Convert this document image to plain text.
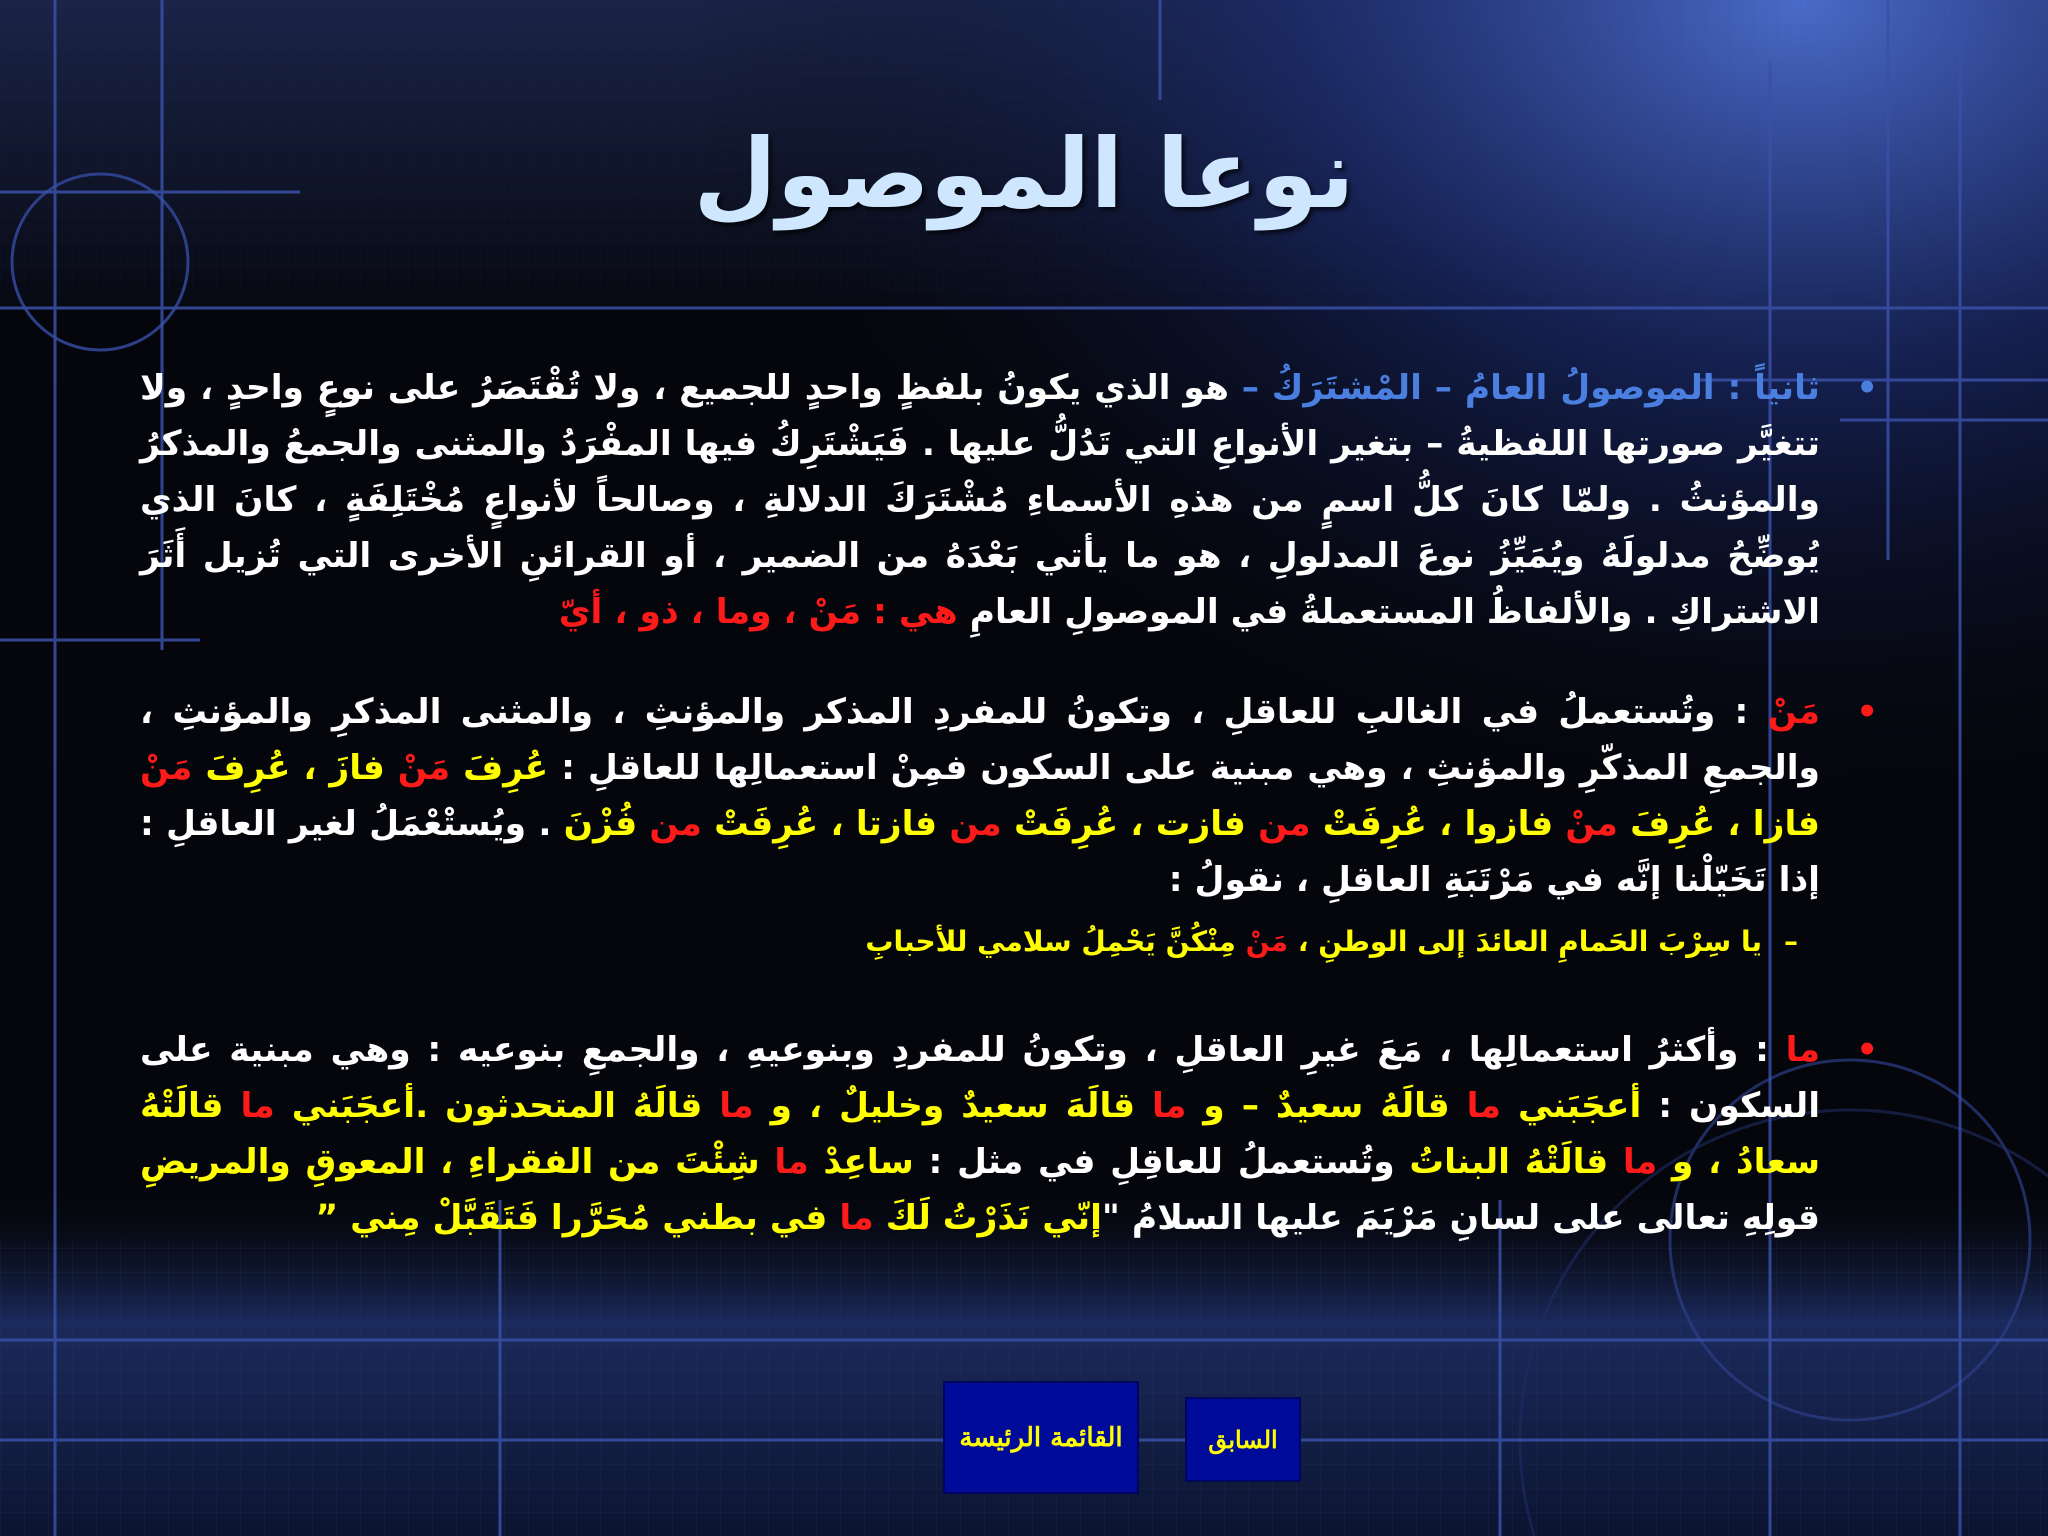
نوعا الموصول

•
ثانياً : الموصولُ العامُ – المْشتَرَكُ – هو الذي يكونُ بلفظٍ واحدٍ للجميع ، ولا تُقْتَصَرُ على نوعٍ واحدٍ ، ولا تتغيَّر صورتها اللفظيةُ – بتغير الأنواعِ التي تَدُلُّ عليها . فَيَشْتَرِكُ فيها المفْرَدُ والمثنى والجمعُ والمذكرُ والمؤنثُ . ولمّا كانَ كلُّ اسمٍ من هذهِ الأسماءِ مُشْتَرَكَ الدلالةِ ، وصالحاً لأنواعٍ مُخْتَلِفَةٍ ، كانَ الذي يُوضِّحُ مدلولَهُ ويُمَيِّزُ نوعَ المدلولِ ، هو ما يأتي بَعْدَهُ من الضمير ، أو القرائنِ الأخرى التي تُزيل أَثَرَ الاشتراكِ . والألفاظُ المستعملةُ في الموصولِ العامِ هي : مَنْ ، وما ، ذو ، أيّ

•
مَنْ : وتُستعملُ في الغالبِ للعاقلِ ، وتكونُ للمفردِ المذكر والمؤنثِ ، والمثنى المذكرِ والمؤنثِ ، والجمعِ المذكّرِ والمؤنثِ ، وهي مبنية على السكون فمِنْ استعمالِها للعاقلِ : عُرِفَ مَنْ فازَ ، عُرِفَ مَنْ فازا ، عُرِفَ منْ فازوا ، عُرِفَتْ من فازت ، عُرِفَتْ من فازتا ، عُرِفَتْ من فُزْنَ . ويُستْعْمَلُ لغير العاقلِ : إذا تَخَيّلْنا إنَّه في مَرْتَبَةِ العاقلِ ، نقولُ :

–يا سِرْبَ الحَمامِ العائدَ إلى الوطنِ ، مَنْ مِنْكُنَّ يَحْمِلُ سلامي للأحبابِ

•
ما : وأكثرُ استعمالِها ، مَعَ غيرِ العاقلِ ، وتكونُ للمفردِ وبنوعيهِ ، والجمعِ بنوعيه : وهي مبنية على السكون : أعجَبَني ما قالَهُ سعيدٌ – و ما قالَهَ سعيدٌ وخليلٌ ، و ما قالَهُ المتحدثون .أعجَبَني ما قالَتْهُ سعادُ ، و ما قالَتْهُ البناتُ وتُستعملُ للعاقِلِ في مثل : ساعِدْ ما شِئْتَ من الفقراءِ ، المعوقِ والمريضِ قولِهِ تعالى على لسانِ مَرْيَمَ عليها السلامُ "إنّي نَذَرْتُ لَكَ ما في بطني مُحَرَّرا فَتَقَبَّلْ مِني ”

القائمة الرئيسة	السابق
